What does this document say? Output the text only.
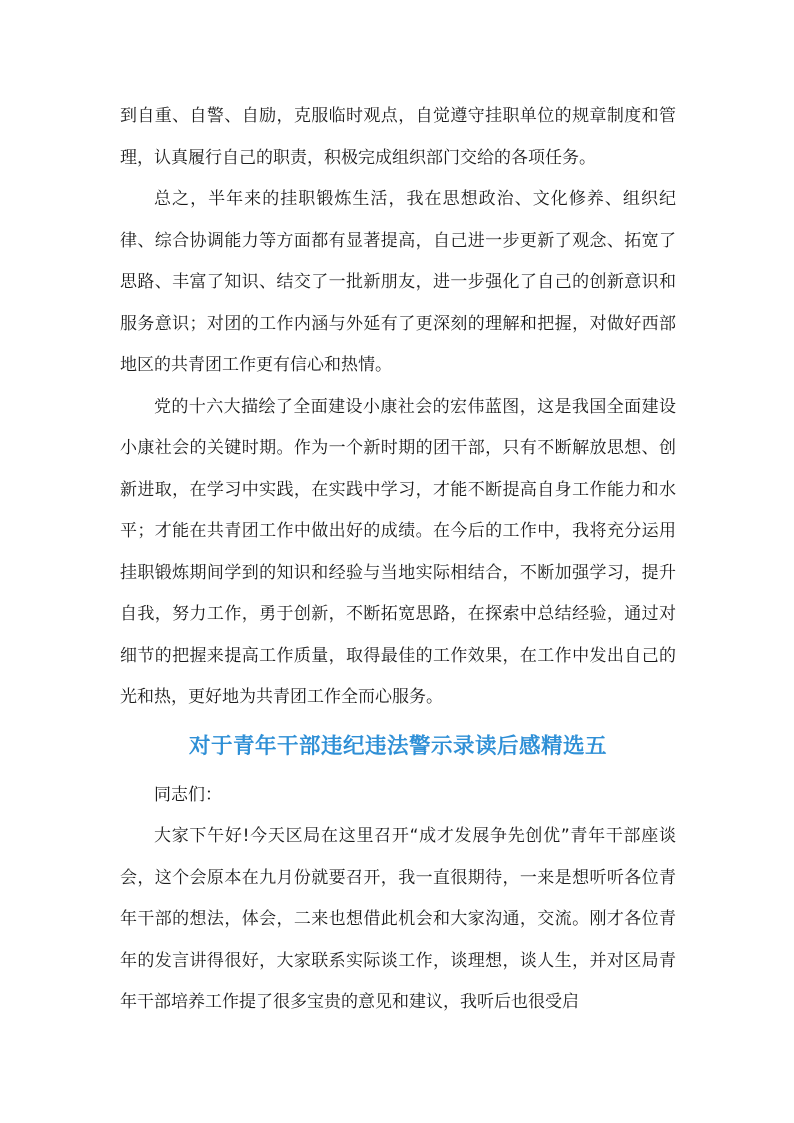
到自重、自警、自励，克服临时观点，自觉遵守挂职单位的规章制度和管理，认真履行自己的职责，积极完成组织部门交给的各项任务。

总之，半年来的挂职锻炼生活，我在思想政治、文化修养、组织纪律、综合协调能力等方面都有显著提高，自己进一步更新了观念、拓宽了思路、丰富了知识、结交了一批新朋友，进一步强化了自己的创新意识和服务意识；对团的工作内涵与外延有了更深刻的理解和把握，对做好西部地区的共青团工作更有信心和热情。

党的十六大描绘了全面建设小康社会的宏伟蓝图，这是我国全面建设小康社会的关键时期。作为一个新时期的团干部，只有不断解放思想、创新进取，在学习中实践，在实践中学习，才能不断提高自身工作能力和水平；才能在共青团工作中做出好的成绩。在今后的工作中，我将充分运用挂职锻炼期间学到的知识和经验与当地实际相结合，不断加强学习，提升自我，努力工作，勇于创新，不断拓宽思路，在探索中总结经验，通过对细节的把握来提高工作质量，取得最佳的工作效果，在工作中发出自己的光和热，更好地为共青团工作全而心服务。

对于青年干部违纪违法警示录读后感精选五

同志们：

大家下午好!今天区局在这里召开“成才发展争先创优”青年干部座谈会，这个会原本在九月份就要召开，我一直很期待，一来是想听听各位青年干部的想法，体会，二来也想借此机会和大家沟通，交流。刚才各位青年的发言讲得很好，大家联系实际谈工作，谈理想，谈人生，并对区局青年干部培养工作提了很多宝贵的意见和建议，我听后也很受启
